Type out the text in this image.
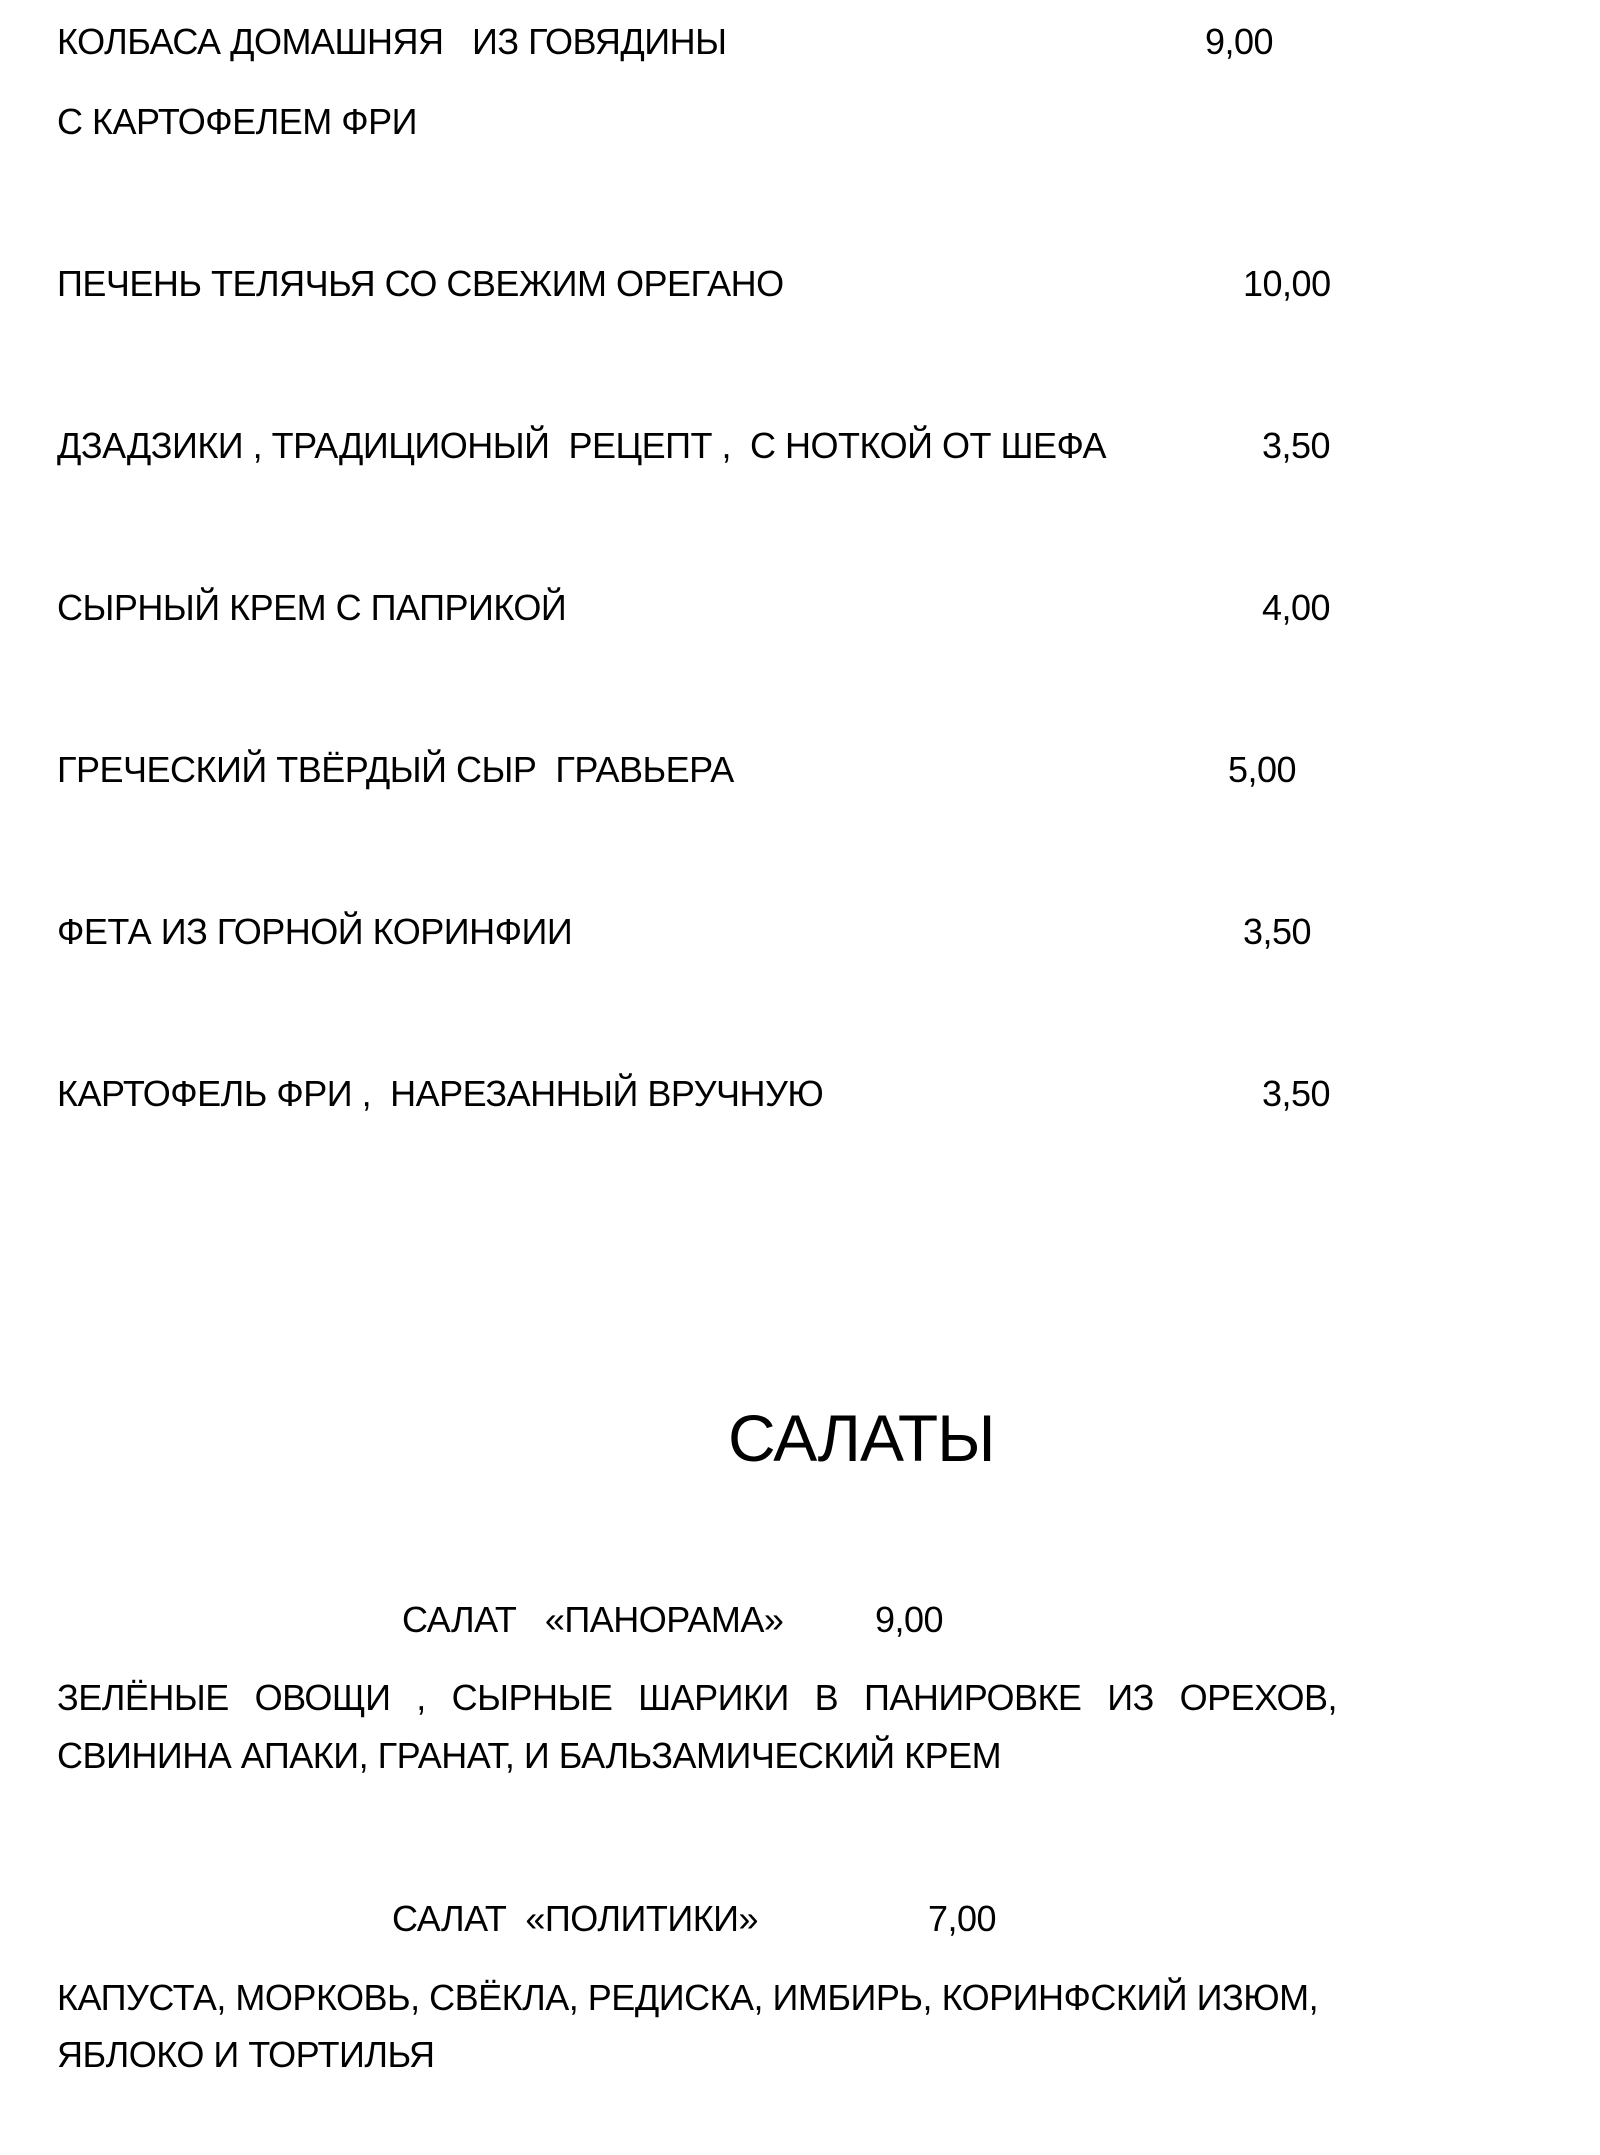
КОЛБАСА ДОМАШНЯЯ   ИЗ ГОВЯДИНЫ	9,00
С КАРТОФЕЛЕМ ФРИ
ПЕЧЕНЬ ТЕЛЯЧЬЯ СО СВЕЖИМ ОРЕГАНО	10,00
ДЗАДЗИКИ , ТРАДИЦИОНЫЙ  РЕЦЕПТ ,  С НОТКОЙ ОТ ШЕФА	3,50
СЫРНЫЙ КРЕМ С ПАПРИКОЙ	4,00
ГРЕЧЕСКИЙ ТВЁРДЫЙ СЫР  ГРАВЬЕРА	5,00
ФЕТА ИЗ ГОРНОЙ КОРИНФИИ	3,50
КАРТОФЕЛЬ ФРИ ,  НАРЕЗАННЫЙ ВРУЧНУЮ	3,50
САЛАТЫ
САЛАТ   «ПАНОРАМА»	9,00
ЗЕЛЁНЫЕ ОВОЩИ , СЫРНЫЕ ШАРИКИ В ПАНИРОВКЕ ИЗ ОРЕХОВ,
СВИНИНА АПАКИ, ГРАНАТ, И БАЛЬЗАМИЧЕСКИЙ КРЕМ
САЛАТ  «ПОЛИТИКИ»	7,00
КАПУСТА, МОРКОВЬ, СВЁКЛА, РЕДИСКА, ИМБИРЬ, КОРИНФСКИЙ ИЗЮМ,
ЯБЛОКО И ТОРТИЛЬЯ
